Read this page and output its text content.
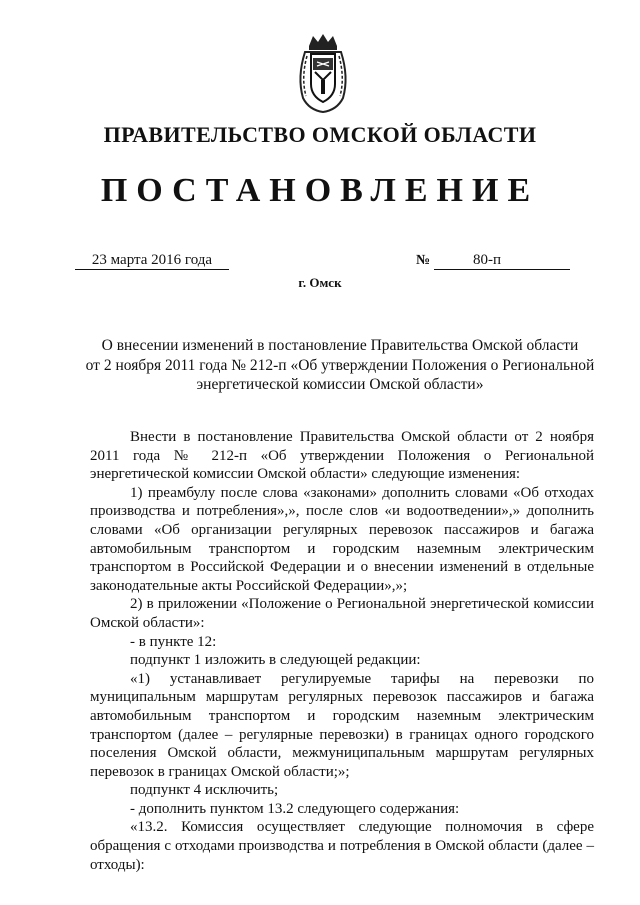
ПРАВИТЕЛЬСТВО ОМСКОЙ ОБЛАСТИ
ПОСТАНОВЛЕНИЕ
23 марта 2016 года	№	80-п
г. Омск
О внесении изменений в постановление Правительства Омской области
от 2 ноября 2011 года № 212-п «Об утверждении Положения о Региональной
энергетической комиссии Омской области»

Внести в постановление Правительства Омской области от 2 ноября 2011 года № 212-п «Об утверждении Положения о Региональной энергетической комиссии Омской области» следующие изменения:

1) преамбулу после слова «законами» дополнить словами «Об отходах производства и потребления»,», после слов «и водоотведении»,» дополнить словами «Об организации регулярных перевозок пассажиров и багажа автомобильным транспортом и городским наземным электрическим транспортом в Российской Федерации и о внесении изменений в отдельные законодательные акты Российской Федерации»,»;

2) в приложении «Положение о Региональной энергетической комиссии Омской области»:

- в пункте 12:

подпункт 1 изложить в следующей редакции:

«1) устанавливает регулируемые тарифы на перевозки по муниципальным маршрутам регулярных перевозок пассажиров и багажа автомобильным транспортом и городским наземным электрическим транспортом (далее – регулярные перевозки) в границах одного городского поселения Омской области, межмуниципальным маршрутам регулярных перевозок в границах Омской области;»;

подпункт 4 исключить;

- дополнить пунктом 13.2 следующего содержания:

«13.2. Комиссия осуществляет следующие полномочия в сфере обращения с отходами производства и потребления в Омской области (далее – отходы):
